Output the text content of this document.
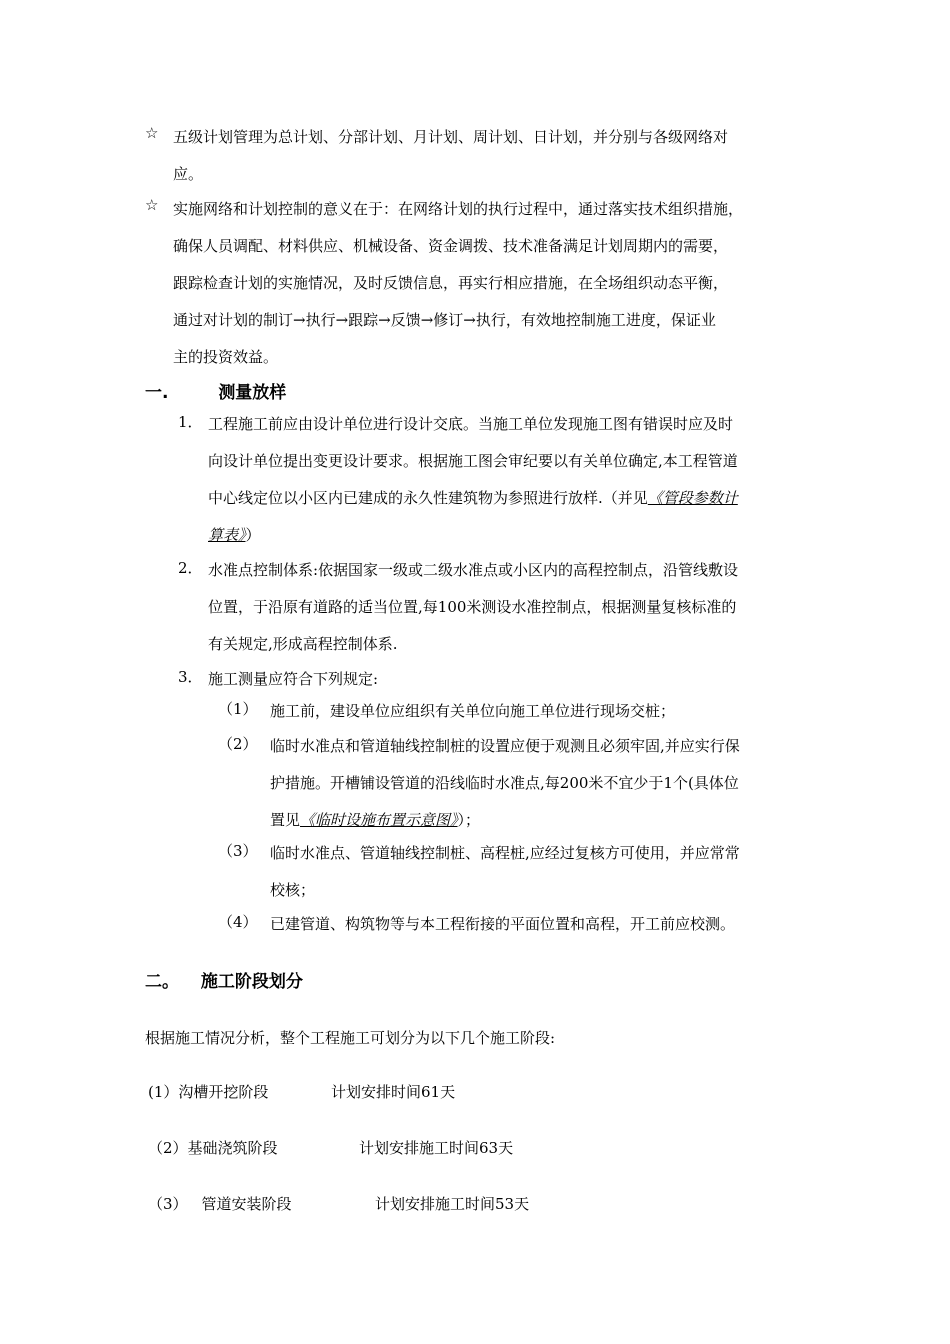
☆ 五级计划管理为总计划、分部计划、月计划、周计划、日计划，并分别与各级网络对
应。
☆ 实施网络和计划控制的意义在于：在网络计划的执行过程中，通过落实技术组织措施，
确保人员调配、材料供应、机械设备、资金调拨、技术准备满足计划周期内的需要，
跟踪检查计划的实施情况，及时反馈信息，再实行相应措施，在全场组织动态平衡，
通过对计划的制订→执行→跟踪→反馈→修订→执行，有效地控制施工进度，保证业
主的投资效益。
一.	测量放样
1． 工程施工前应由设计单位进行设计交底。当施工单位发现施工图有错误时应及时
向设计单位提出变更设计要求。根据施工图会审纪要以有关单位确定,本工程管道
中心线定位以小区内已建成的永久性建筑物为参照进行放样.（并见《管段参数计
算表》）
2． 水准点控制体系:依据国家一级或二级水准点或小区内的高程控制点，沿管线敷设
位置，于沿原有道路的适当位置,每100米测设水准控制点，根据测量复核标准的
有关规定,形成高程控制体系.
3． 施工测量应符合下列规定:
（1） 施工前，建设单位应组织有关单位向施工单位进行现场交桩；
（2） 临时水准点和管道轴线控制桩的设置应便于观测且必须牢固,并应实行保
护措施。开槽铺设管道的沿线临时水准点,每200米不宜少于1个(具体位
置见《临时设施布置示意图》）；
（3） 临时水准点、管道轴线控制桩、高程桩,应经过复核方可使用，并应常常
校核；
（4） 已建管道、构筑物等与本工程衔接的平面位置和高程，开工前应校测。
二。 施工阶段划分
根据施工情况分析，整个工程施工可划分为以下几个施工阶段:
(1）沟槽开挖阶段	计划安排时间61天
（2）基础浇筑阶段	计划安排施工时间63天
（3） 管道安装阶段	计划安排施工时间53天
